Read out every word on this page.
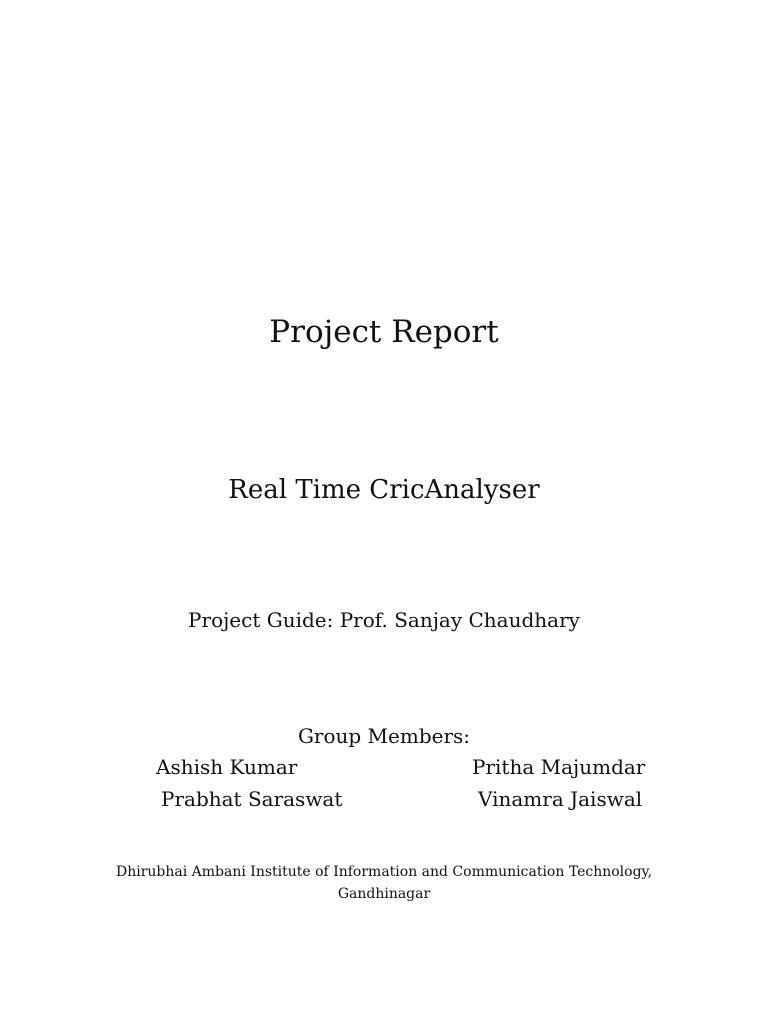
Project Report
Real Time CricAnalyser
Project Guide: Prof. Sanjay Chaudhary
Group Members:
Ashish Kumar	Pritha Majumdar
Prabhat Saraswat	Vinamra Jaiswal
Dhirubhai Ambani Institute of Information and Communication Technology,
Gandhinagar
